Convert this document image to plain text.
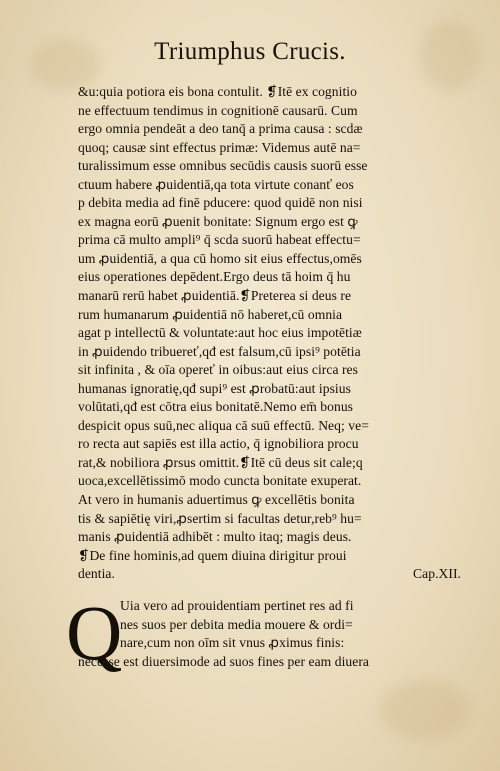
Triumphus Crucis.
&u:quia potiora eis bona contulit. ❡Itē ex cognitio
ne effectuum tendimus in cognitionē causarū. Cum
ergo omnia pendeāt a deo tanq̄ a prima causa : scdæ
quoq; causæ sint effectus primæ: Videmus autē na=
turalissimum esse omnibus secūdis causis suorū esse
ctuum habere ꝓuidentiā,qa tota virtute conanť eos
p debita media ad finē pducere: quod quidē non nisi
ex magna eorū ꝓuenit bonitate: Signum ergo est ꝙ
prima cā multo ampli⁹ q̄ scda suorū habeat effectu=
um ꝓuidentiā, a qua cū homo sit eius effectus,omēs
eius operationes depēdent.Ergo deus tā hoim q̄ hu
manarū rerū habet ꝓuidentiā.❡Preterea si deus re
rum humanarum ꝓuidentiā nō haberet,cū omnia
agat p intellectū & voluntate:aut hoc eius impotētiæ
in ꝓuidendo tribuereť,qđ est falsum,cū ipsi⁹ potētia
sit infinita , & oīa opereť in oibus:aut eius circa res
humanas ignoratię,qđ supi⁹ est ꝓrobatū:aut ipsius
volūtati,qđ est cōtra eius bonitatē.Nemo em̄ bonus
despicit opus suū,nec aliqua cā suū effectū. Neq; ve=
ro recta aut sapiēs est illa actio, q̄ ignobiliora procu
rat,& nobiliora ꝓrsus omittit.❡Itē cū deus sit cale;q
uoca,excellētissimō modo cuncta bonitate exuperat.
At vero in humanis aduertimus ꝙ excellētis bonita
tis & sapiētię viri,ꝓsertim si facultas detur,reb⁹ hu=
manis ꝓuidentiā adhibēt : multo itaq; magis deus.
❡De fine hominis,ad quem diuina dirigitur proui
dentia.	Cap.XII.
Q
Uia vero ad prouidentiam pertinet res ad fi
nes suos per debita media mouere & ordi=
nare,cum non oīm sit vnus ꝓximus finis:
necesse est diuersimode ad suos fines per eam diuera
